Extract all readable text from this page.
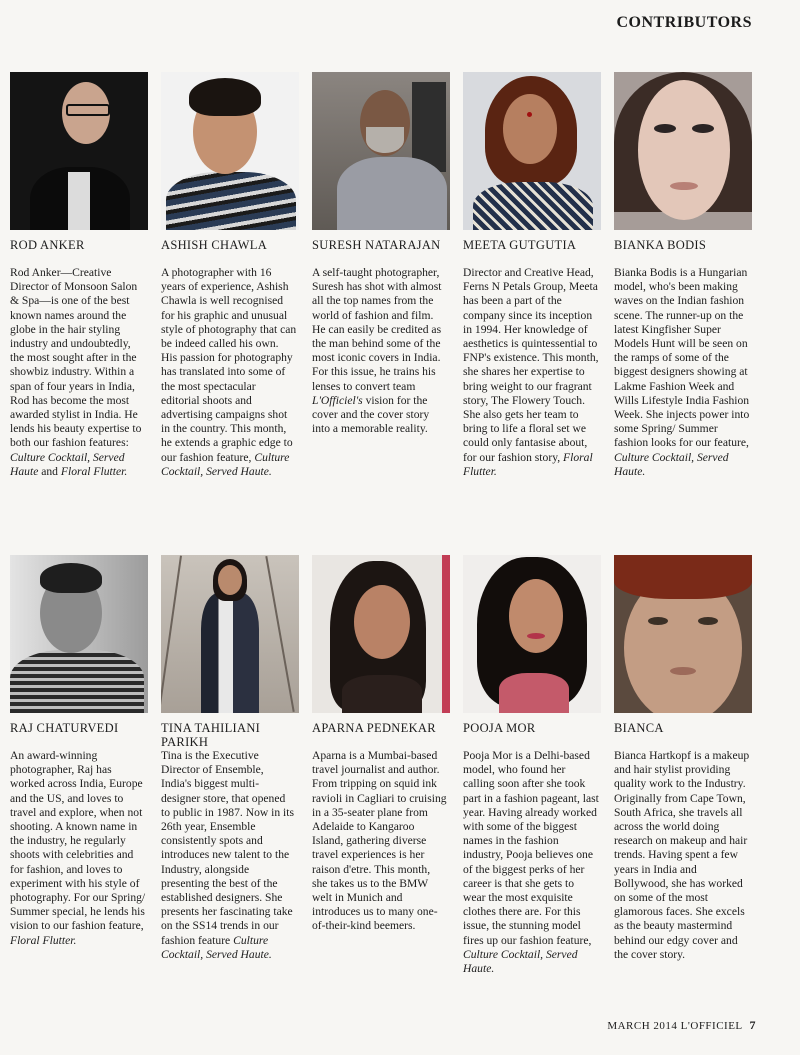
CONTRIBUTORS
ROD ANKER

Rod Anker—Creative Director of Monsoon Salon & Spa—is one of the best known names around the globe in the hair styling industry and undoubtedly, the most sought after in the showbiz industry. Within a span of four years in India, Rod has become the most awarded stylist in India. He lends his beauty expertise to both our fashion features: Culture Cocktail, Served Haute and Floral Flutter.

ASHISH CHAWLA

A photographer with 16 years of experience, Ashish Chawla is well recognised for his graphic and unusual style of photography that can be indeed called his own. His passion for photography has translated into some of the most spectacular editorial shoots and advertising campaigns shot in the country. This month, he extends a graphic edge to our fashion feature, Culture Cocktail, Served Haute.

SURESH NATARAJAN

A self-taught photographer, Suresh has shot with almost all the top names from the world of fashion and film. He can easily be credited as the man behind some of the most iconic covers in India. For this issue, he trains his lenses to convert team L'Officiel's vision for the cover and the cover story into a memorable reality.

MEETA GUTGUTIA

Director and Creative Head, Ferns N Petals Group, Meeta has been a part of the company since its inception in 1994. Her knowledge of aesthetics is quintessential to FNP's existence. This month, she shares her expertise to bring weight to our fragrant story, The Flowery Touch. She also gets her team to bring to life a floral set we could only fantasise about, for our fashion story, Floral Flutter.

BIANKA BODIS

Bianka Bodis is a Hungarian model, who's been making waves on the Indian fashion scene. The runner-up on the latest Kingfisher Super Models Hunt will be seen on the ramps of some of the biggest designers showing at Lakme Fashion Week and Wills Lifestyle India Fashion Week. She injects power into some Spring/ Summer fashion looks for our feature, Culture Cocktail, Served Haute.

RAJ CHATURVEDI

An award-winning photographer, Raj has worked across India, Europe and the US, and loves to travel and explore, when not shooting. A known name in the industry, he regularly shoots with celebrities and for fashion, and loves to experiment with his style of photography. For our Spring/ Summer special, he lends his vision to our fashion feature, Floral Flutter.

TINA TAHILIANI PARIKH

Tina is the Executive Director of Ensemble, India's biggest multi-designer store, that opened to public in 1987. Now in its 26th year, Ensemble consistently spots and introduces new talent to the Industry, alongside presenting the best of the established designers. She presents her fascinating take on the SS14 trends in our fashion feature Culture Cocktail, Served Haute.

APARNA PEDNEKAR

Aparna is a Mumbai-based travel journalist and author. From tripping on squid ink ravioli in Cagliari to cruising in a 35-seater plane from Adelaide to Kangaroo Island, gathering diverse travel experiences is her raison d'etre. This month, she takes us to the BMW welt in Munich and introduces us to many one-of-their-kind beemers.

POOJA MOR

Pooja Mor is a Delhi-based model, who found her calling soon after she took part in a fashion pageant, last year. Having already worked with some of the biggest names in the fashion industry, Pooja believes one of the biggest perks of her career is that she gets to wear the most exquisite clothes there are. For this issue, the stunning model fires up our fashion feature, Culture Cocktail, Served Haute.

BIANCA

Bianca Hartkopf is a makeup and hair stylist providing quality work to the Industry. Originally from Cape Town, South Africa, she travels all across the world doing research on makeup and hair trends. Having spent a few years in India and Bollywood, she has worked on some of the most glamorous faces. She excels as the beauty mastermind behind our edgy cover and the cover story.

MARCH 2014 L'OFFICIEL 7
